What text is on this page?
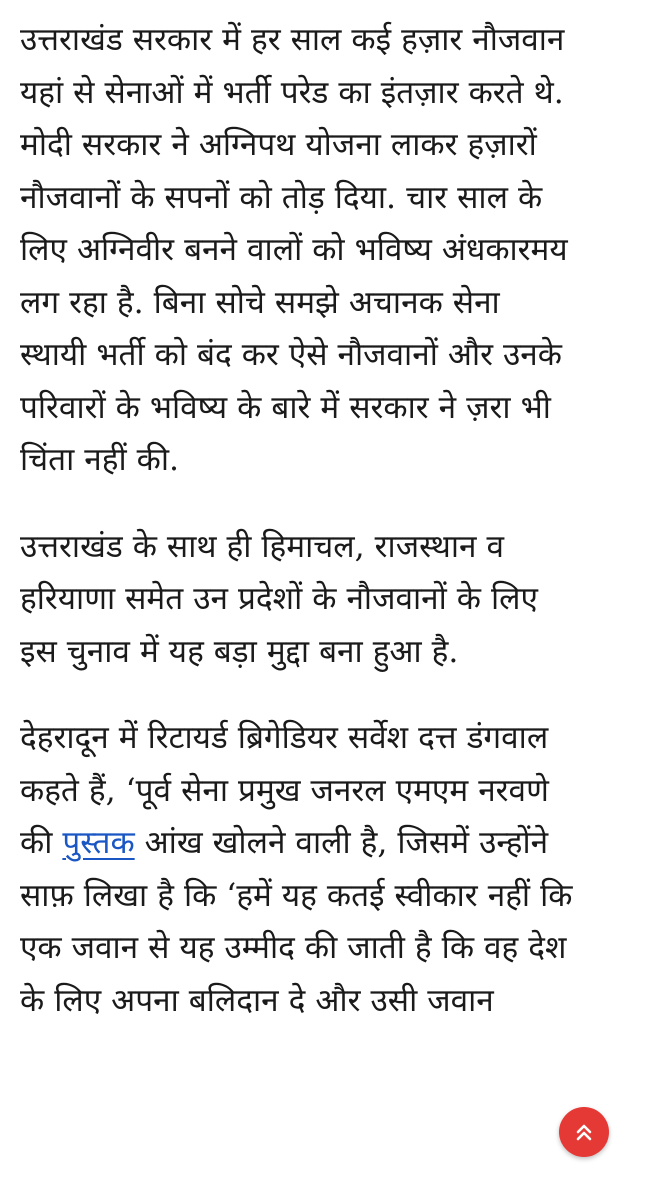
उत्तराखंड सरकार में हर साल कई हज़ार नौजवान
यहां से सेनाओं में भर्ती परेड का इंतज़ार करते थे.
मोदी सरकार ने अग्निपथ योजना लाकर हज़ारों
नौजवानों के सपनों को तोड़ दिया. चार साल के
लिए अग्निवीर बनने वालों को भविष्य अंधकारमय
लग रहा है. बिना सोचे समझे अचानक सेना
स्थायी भर्ती को बंद कर ऐसे नौजवानों और उनके
परिवारों के भविष्य के बारे में सरकार ने ज़रा भी
चिंता नहीं की.

उत्तराखंड के साथ ही हिमाचल, राजस्थान व
हरियाणा समेत उन प्रदेशों के नौजवानों के लिए
इस चुनाव में यह बड़ा मुद्दा बना हुआ है.

देहरादून में रिटायर्ड ब्रिगेडियर सर्वेश दत्त डंगवाल
कहते हैं, ‘पूर्व सेना प्रमुख जनरल एमएम नरवणे
की पुस्तक आंख खोलने वाली है, जिसमें उन्होंने
साफ़ लिखा है कि ‘हमें यह कतई स्वीकार नहीं कि
एक जवान से यह उम्मीद की जाती है कि वह देश
के लिए अपना बलिदान दे और उसी जवान
